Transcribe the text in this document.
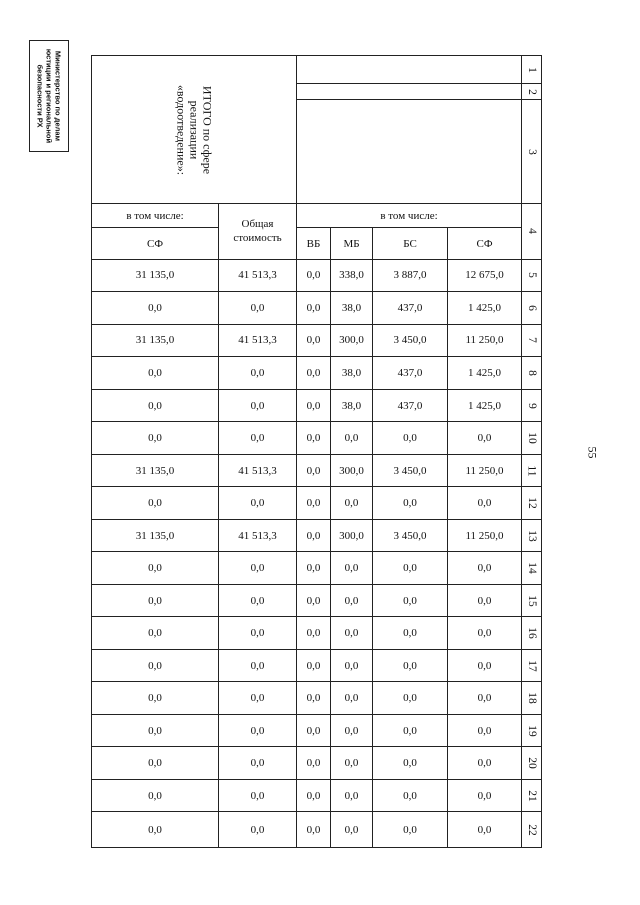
Министерство по делам
юстиции и региональной
безопасности РХ
55
ИТОГО по сфере
реализации
«водоотведение»:						1
						2
						3
в том числе:	Общая стоимость	в том числе:				4
СФ		ВБ	МБ	БС	СФ	
31 135,0	41 513,3	0,0	338,0	3 887,0	12 675,0	5
0,0	0,0	0,0	38,0	437,0	1 425,0	6
31 135,0	41 513,3	0,0	300,0	3 450,0	11 250,0	7
0,0	0,0	0,0	38,0	437,0	1 425,0	8
0,0	0,0	0,0	38,0	437,0	1 425,0	9
0,0	0,0	0,0	0,0	0,0	0,0	10
31 135,0	41 513,3	0,0	300,0	3 450,0	11 250,0	11
0,0	0,0	0,0	0,0	0,0	0,0	12
31 135,0	41 513,3	0,0	300,0	3 450,0	11 250,0	13
0,0	0,0	0,0	0,0	0,0	0,0	14
0,0	0,0	0,0	0,0	0,0	0,0	15
0,0	0,0	0,0	0,0	0,0	0,0	16
0,0	0,0	0,0	0,0	0,0	0,0	17
0,0	0,0	0,0	0,0	0,0	0,0	18
0,0	0,0	0,0	0,0	0,0	0,0	19
0,0	0,0	0,0	0,0	0,0	0,0	20
0,0	0,0	0,0	0,0	0,0	0,0	21
0,0	0,0	0,0	0,0	0,0	0,0	22
